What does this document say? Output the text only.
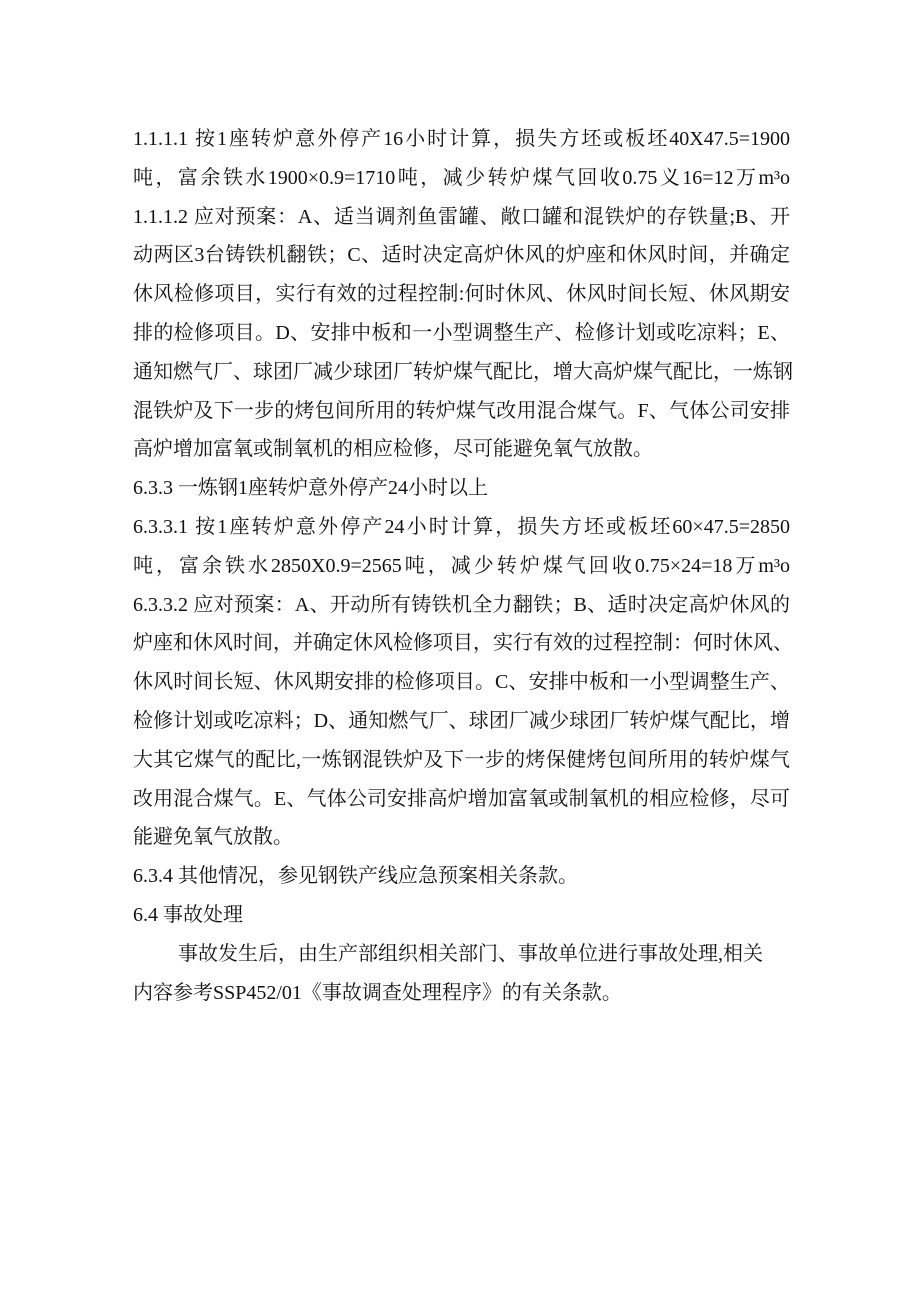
1.1.1.1 按1座转炉意外停产16小时计算，损失方坯或板坯40X47.5=1900
吨，富余铁水1900×0.9=1710吨，减少转炉煤气回收0.75义16=12万m³o
1.1.1.2 应对预案：A、适当调剂鱼雷罐、敞口罐和混铁炉的存铁量;B、开
动两区3台铸铁机翻铁；C、适时决定高炉休风的炉座和休风时间，并确定
休风检修项目，实行有效的过程控制:何时休风、休风时间长短、休风期安
排的检修项目。D、安排中板和一小型调整生产、检修计划或吃凉料；E、
通知燃气厂、球团厂减少球团厂转炉煤气配比，增大高炉煤气配比，一炼钢
混铁炉及下一步的烤包间所用的转炉煤气改用混合煤气。F、气体公司安排
高炉增加富氧或制氧机的相应检修，尽可能避免氧气放散。
6.3.3 一炼钢1座转炉意外停产24小时以上
6.3.3.1 按1座转炉意外停产24小时计算，损失方坯或板坯60×47.5=2850
吨，富余铁水2850X0.9=2565吨，减少转炉煤气回收0.75×24=18万m³o
6.3.3.2 应对预案：A、开动所有铸铁机全力翻铁；B、适时决定高炉休风的
炉座和休风时间，并确定休风检修项目，实行有效的过程控制：何时休风、
休风时间长短、休风期安排的检修项目。C、安排中板和一小型调整生产、
检修计划或吃凉料；D、通知燃气厂、球团厂减少球团厂转炉煤气配比，增
大其它煤气的配比,一炼钢混铁炉及下一步的烤保健烤包间所用的转炉煤气
改用混合煤气。E、气体公司安排高炉增加富氧或制氧机的相应检修，尽可
能避免氧气放散。
6.3.4 其他情况，参见钢铁产线应急预案相关条款。
6.4 事故处理
事故发生后，由生产部组织相关部门、事故单位进行事故处理,相关
内容参考SSP452/01《事故调查处理程序》的有关条款。
